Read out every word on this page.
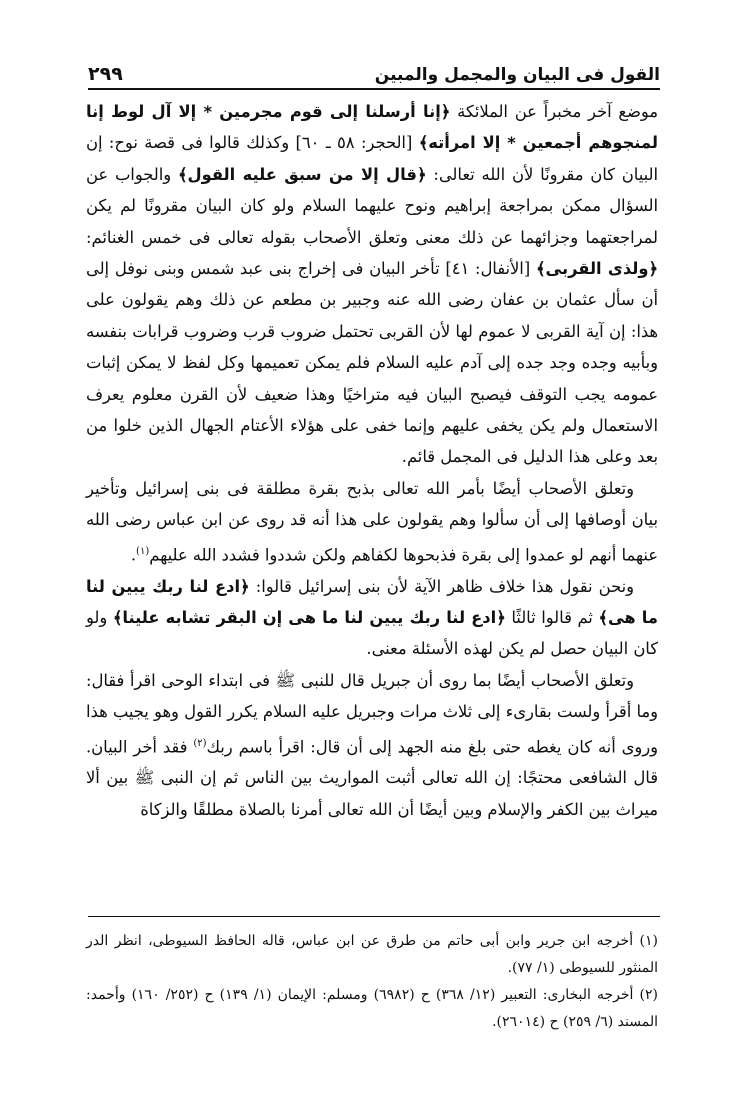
القول فى البيان والمجمل والمبين
٢٩٩

موضع آخر مخبراً عن الملائكة ﴿إنا أرسلنا إلى قوم مجرمين * إلا آل لوط إنا لمنجوهم أجمعين * إلا امرأته﴾ [الحجر: ٥٨ ـ ٦٠] وكذلك قالوا فى قصة نوح: إن البيان كان مقرونًا لأن الله تعالى: ﴿قال إلا من سبق عليه القول﴾ والجواب عن السؤال ممكن بمراجعة إبراهيم ونوح عليهما السلام ولو كان البيان مقرونًا لم يكن لمراجعتهما وجزائهما عن ذلك معنى وتعلق الأصحاب بقوله تعالى فى خمس الغنائم: ﴿ولذى القربى﴾ [الأنفال: ٤١] تأخر البيان فى إخراج بنى عبد شمس وبنى نوفل إلى أن سأل عثمان بن عفان رضى الله عنه وجبير بن مطعم عن ذلك وهم يقولون على هذا: إن آية القربى لا عموم لها لأن القربى تحتمل ضروب قرب وضروب قرابات بنفسه وبأبيه وجده وجد جده إلى آدم عليه السلام فلم يمكن تعميمها وكل لفظ لا يمكن إثبات عمومه يجب التوقف فيصبح البيان فيه متراخيًا وهذا ضعيف لأن القرن معلوم يعرف الاستعمال ولم يكن يخفى عليهم وإنما خفى على هؤلاء الأعتام الجهال الذين خلوا من بعد وعلى هذا الدليل فى المجمل قائم.

وتعلق الأصحاب أيضًا بأمر الله تعالى بذبح بقرة مطلقة فى بنى إسرائيل وتأخير بيان أوصافها إلى أن سألوا وهم يقولون على هذا أنه قد روى عن ابن عباس رضى الله عنهما أنهم لو عمدوا إلى بقرة فذبحوها لكفاهم ولكن شددوا فشدد الله عليهم$^{(١)}$.

ونحن نقول هذا خلاف ظاهر الآية لأن بنى إسرائيل قالوا: ﴿ادع لنا ربك يبين لنا ما هى﴾ ثم قالوا ثالثًا ﴿ادع لنا ربك يبين لنا ما هى إن البقر تشابه علينا﴾ ولو كان البيان حصل لم يكن لهذه الأسئلة معنى.

وتعلق الأصحاب أيضًا بما روى أن جبريل قال للنبى ﷺ فى ابتداء الوحى اقرأ فقال: وما أقرأ ولست بقارىء إلى ثلاث مرات وجبريل عليه السلام يكرر القول وهو يجيب هذا وروى أنه كان يغطه حتى بلغ منه الجهد إلى أن قال: اقرأ باسم ربك$^{(٢)}$ فقد أخر البيان. قال الشافعى محتجًا: إن الله تعالى أثبت المواريث بين الناس ثم إن النبى ﷺ بين ألا ميراث بين الكفر والإسلام وبين أيضًا أن الله تعالى أمرنا بالصلاة مطلقًا والزكاة

(١) أخرجه ابن جرير وابن أبى حاتم من طرق عن ابن عباس، قاله الحافظ السيوطى، انظر الدر المنثور للسيوطى (١/ ٧٧).

(٢) أخرجه البخارى: التعبير (١٢/ ٣٦٨) ح (٦٩٨٢) ومسلم: الإيمان (١/ ١٣٩) ح (٢٥٢/ ١٦٠) وأحمد: المسند (٦/ ٢٥٩) ح (٢٦٠١٤).
